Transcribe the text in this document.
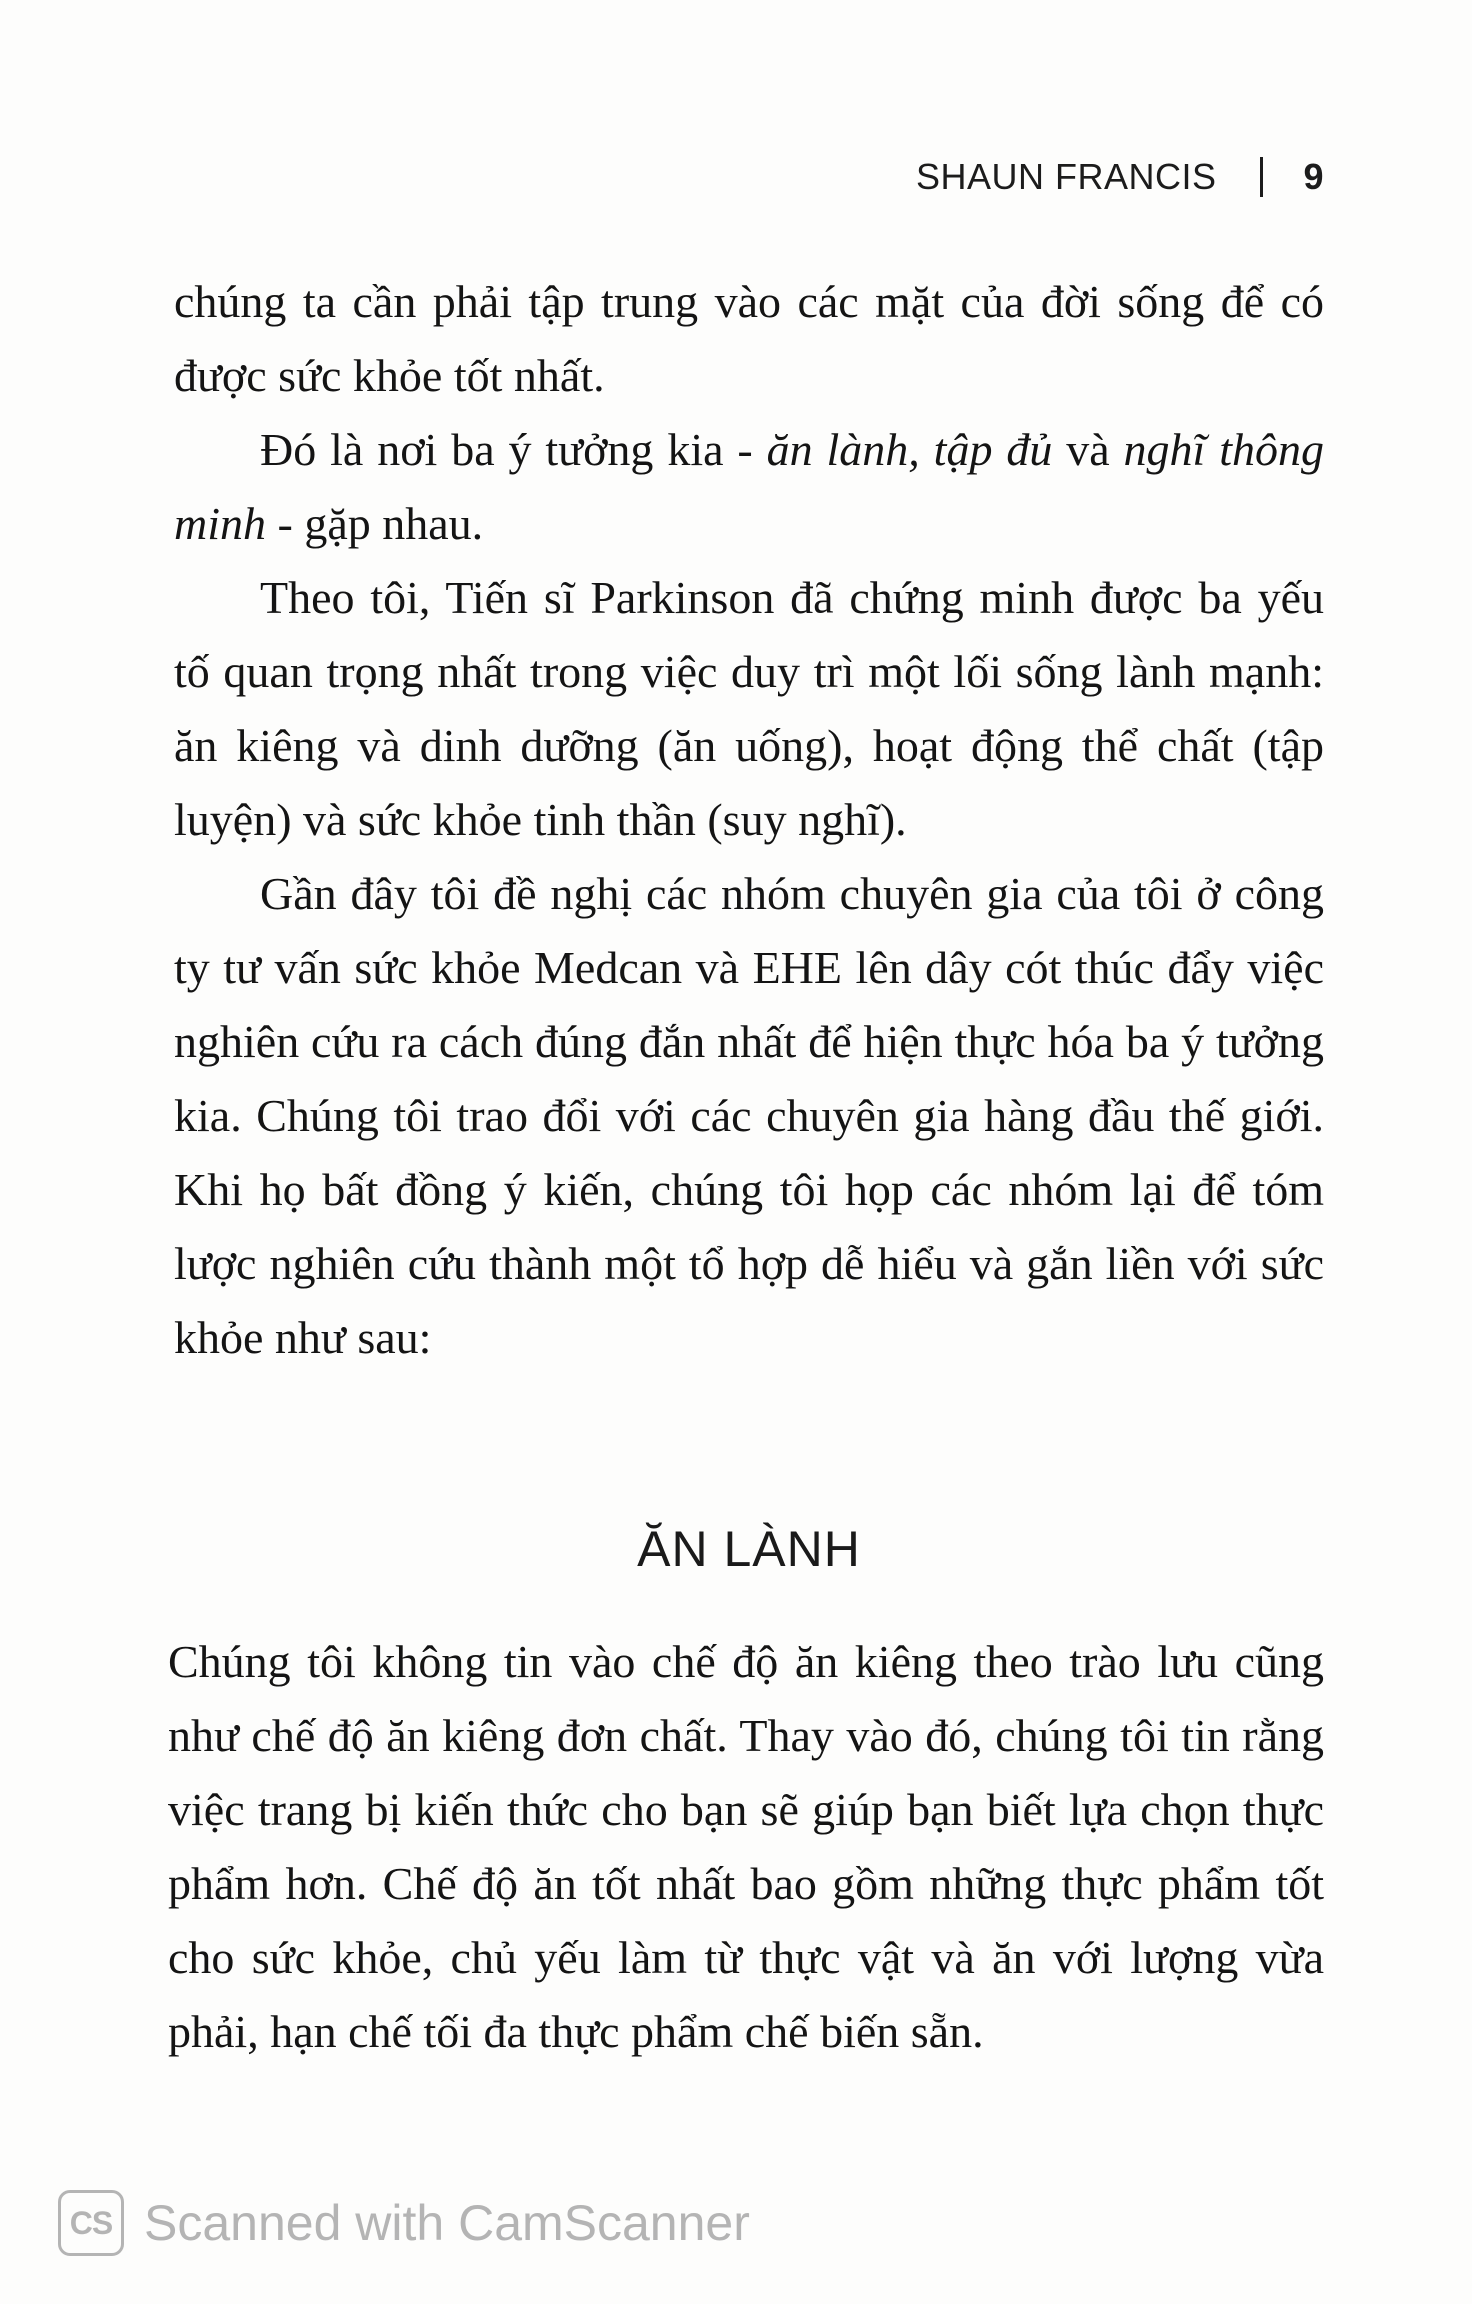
SHAUN FRANCIS 9

chúng ta cần phải tập trung vào các mặt của đời sống để có được sức khỏe tốt nhất.

Đó là nơi ba ý tưởng kia - ăn lành, tập đủ và nghĩ thông minh - gặp nhau.

Theo tôi, Tiến sĩ Parkinson đã chứng minh được ba yếu tố quan trọng nhất trong việc duy trì một lối sống lành mạnh: ăn kiêng và dinh dưỡng (ăn uống), hoạt động thể chất (tập luyện) và sức khỏe tinh thần (suy nghĩ).

Gần đây tôi đề nghị các nhóm chuyên gia của tôi ở công ty tư vấn sức khỏe Medcan và EHE lên dây cót thúc đẩy việc nghiên cứu ra cách đúng đắn nhất để hiện thực hóa ba ý tưởng kia. Chúng tôi trao đổi với các chuyên gia hàng đầu thế giới. Khi họ bất đồng ý kiến, chúng tôi họp các nhóm lại để tóm lược nghiên cứu thành một tổ hợp dễ hiểu và gắn liền với sức khỏe như sau:

ĂN LÀNH

Chúng tôi không tin vào chế độ ăn kiêng theo trào lưu cũng như chế độ ăn kiêng đơn chất. Thay vào đó, chúng tôi tin rằng việc trang bị kiến thức cho bạn sẽ giúp bạn biết lựa chọn thực phẩm hơn. Chế độ ăn tốt nhất bao gồm những thực phẩm tốt cho sức khỏe, chủ yếu làm từ thực vật và ăn với lượng vừa phải, hạn chế tối đa thực phẩm chế biến sẵn.

CS Scanned with CamScanner
